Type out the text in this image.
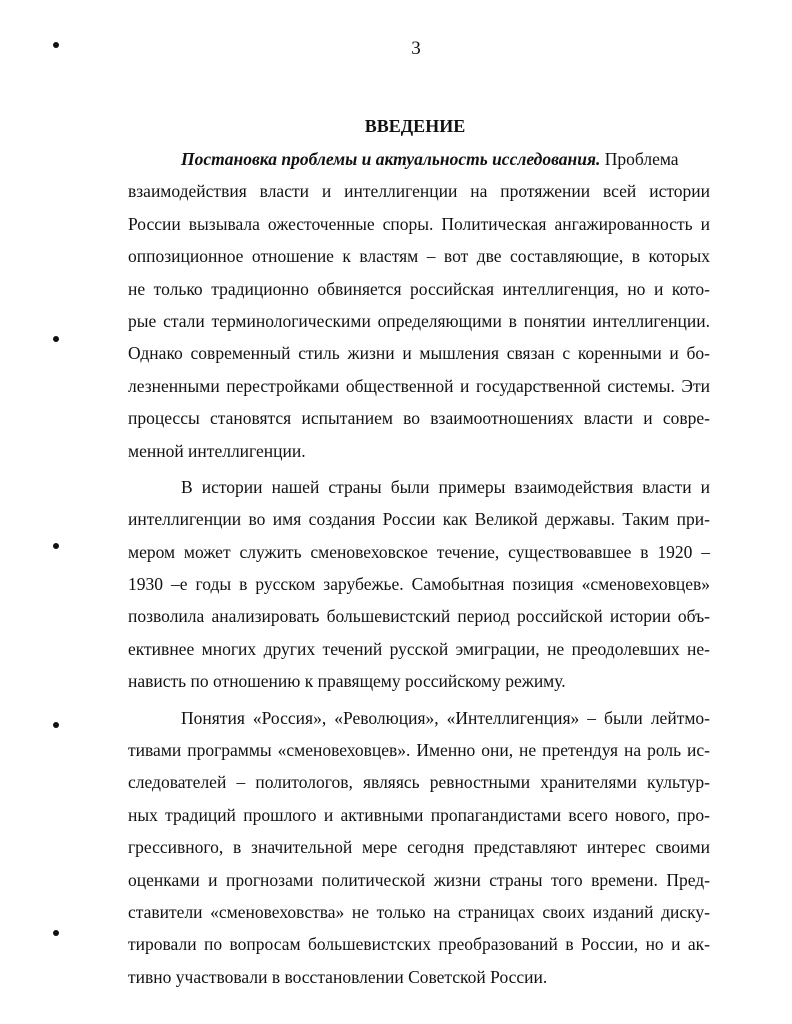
3
ВВЕДЕНИЕ
Постановка проблемы и актуальность исследования. Проблема
взаимодействия власти и интеллигенции на протяжении всей истории
России вызывала ожесточенные споры. Политическая ангажированность и
оппозиционное отношение к властям – вот две составляющие, в которых
не только традиционно обвиняется российская интеллигенция, но и кото-
рые стали терминологическими определяющими в понятии интеллигенции.
Однако современный стиль жизни и мышления связан с коренными и бо-
лезненными перестройками общественной и государственной системы. Эти
процессы становятся испытанием во взаимоотношениях власти и совре-
менной интеллигенции.
В истории нашей страны были примеры взаимодействия власти и
интеллигенции во имя создания России как Великой державы. Таким при-
мером может служить сменовеховское течение, существовавшее в 1920 –
1930 –е годы в русском зарубежье. Самобытная позиция «сменовеховцев»
позволила анализировать большевистский период российской истории объ-
ективнее многих других течений русской эмиграции, не преодолевших не-
нависть по отношению к правящему российскому режиму.
Понятия «Россия», «Революция», «Интеллигенция» – были лейтмо-
тивами программы «сменовеховцев». Именно они, не претендуя на роль ис-
следователей – политологов, являясь ревностными хранителями культур-
ных традиций прошлого и активными пропагандистами всего нового, про-
грессивного, в значительной мере сегодня представляют интерес своими
оценками и прогнозами политической жизни страны того времени. Пред-
ставители «сменовеховства» не только на страницах своих изданий диску-
тировали по вопросам большевистских преобразований в России, но и ак-
тивно участвовали в восстановлении Советской России.
